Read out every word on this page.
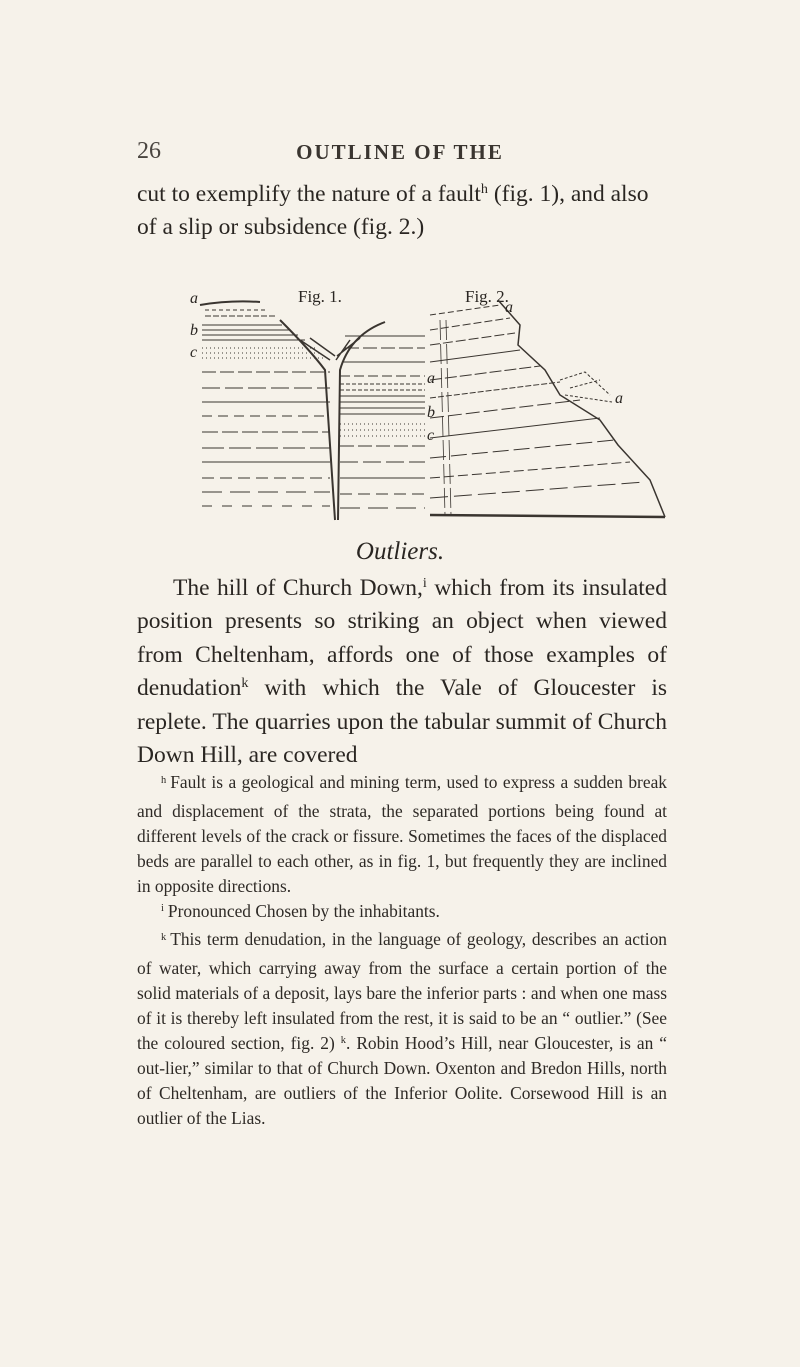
26	OUTLINE OF THE

cut to exemplify the nature of a fault$^h$ (fig. 1), and also of a slip or subsidence (fig. 2.)

Fig. 1.	Fig. 2.
a
b
c
a
b
c
a
a
Outliers.

The hill of Church Down,$^i$ which from its insulated position presents so striking an object when viewed from Cheltenham, affords one of those examples of denudation$^k$ with which the Vale of Gloucester is replete. The quarries upon the tabular summit of Church Down Hill, are covered

$^h$ Fault is a geological and mining term, used to express a sudden break and displacement of the strata, the separated portions being found at different levels of the crack or fissure. Sometimes the faces of the displaced beds are parallel to each other, as in fig. 1, but frequently they are inclined in opposite directions.

$^i$ Pronounced Chosen by the inhabitants.

$^k$ This term denudation, in the language of geology, describes an action of water, which carrying away from the surface a certain portion of the solid materials of a deposit, lays bare the inferior parts : and when one mass of it is thereby left insulated from the rest, it is said to be an “ outlier.” (See the coloured section, fig. 2) $^k$. Robin Hood’s Hill, near Gloucester, is an “ out-lier,” similar to that of Church Down. Oxenton and Bredon Hills, north of Cheltenham, are outliers of the Inferior Oolite. Corsewood Hill is an outlier of the Lias.
